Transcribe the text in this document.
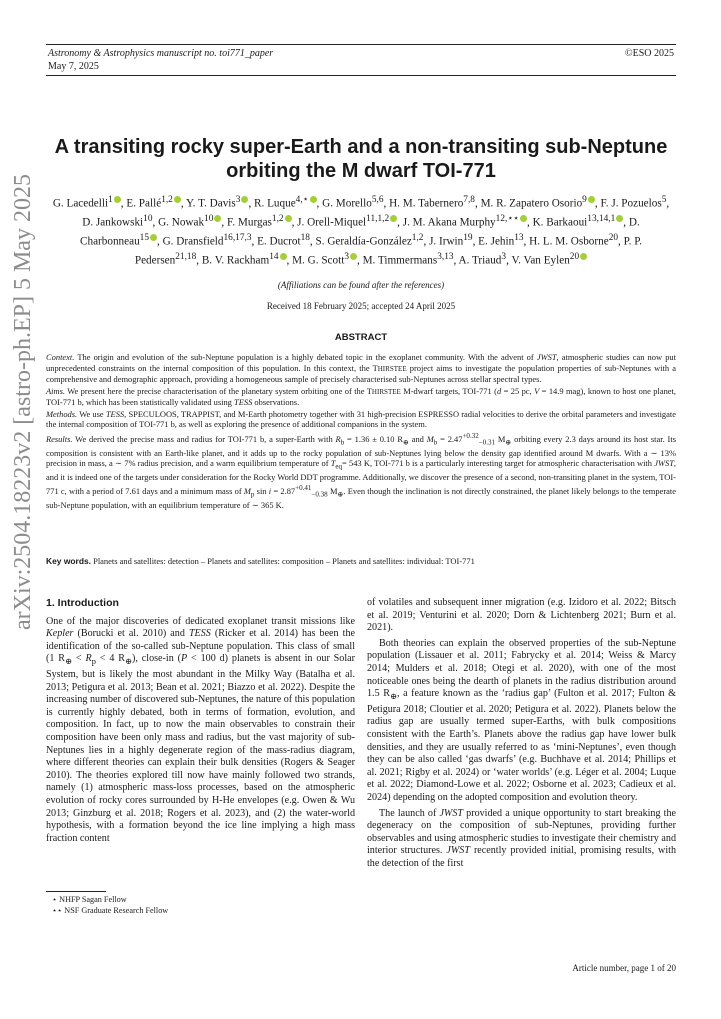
Astronomy & Astrophysics manuscript no. toi771_paper
May 7, 2025
©ESO 2025
arXiv:2504.18223v2 [astro-ph.EP] 5 May 2025
A transiting rocky super-Earth and a non-transiting sub-Neptune orbiting the M dwarf TOI-771
G. Lacedelli$^1$ , E. Pallé$^{1,2}$ , Y. T. Davis$^3$ , R. Luque$^{4,⋆}$ , G. Morello$^{5,6}$, H. M. Tabernero$^{7,8}$, M. R. Zapatero Osorio$^9$ , F. J. Pozuelos$^5$, D. Jankowski$^{10}$, G. Nowak$^{10}$ , F. Murgas$^{1,2}$ , J. Orell-Miquel$^{11,1,2}$ , J. M. Akana Murphy$^{12,⋆⋆}$ , K. Barkaoui$^{13,14,1}$ , D. Charbonneau$^{15}$ , G. Dransfield$^{16,17,3}$, E. Ducrot$^{18}$, S. Geraldía-González$^{1,2}$, J. Irwin$^{19}$, E. Jehin$^{13}$, H. L. M. Osborne$^{20}$, P. P. Pedersen$^{21,18}$, B. V. Rackham$^{14}$ , M. G. Scott$^3$ , M. Timmermans$^{3,13}$, A. Triaud$^3$, V. Van Eylen$^{20}$
(Affiliations can be found after the references)
Received 18 February 2025; accepted 24 April 2025
ABSTRACT

Context. The origin and evolution of the sub-Neptune population is a highly debated topic in the exoplanet community. With the advent of JWST, atmospheric studies can now put unprecedented constraints on the internal composition of this population. In this context, the THIRSTEE project aims to investigate the population properties of sub-Neptunes with a comprehensive and demographic approach, providing a homogeneous sample of precisely characterised sub-Neptunes across stellar spectral types.

Aims. We present here the precise characterisation of the planetary system orbiting one of the THIRSTEE M-dwarf targets, TOI-771 (d = 25 pc, V = 14.9 mag), known to host one planet, TOI-771 b, which has been statistically validated using TESS observations.

Methods. We use TESS, SPECULOOS, TRAPPIST, and M-Earth photometry together with 31 high-precision ESPRESSO radial velocities to derive the orbital parameters and investigate the internal composition of TOI-771 b, as well as exploring the presence of additional companions in the system.

Results. We derived the precise mass and radius for TOI-771 b, a super-Earth with $R_b = 1.36 \pm 0.10$ $R_\oplus$ and $M_b = 2.47^{+0.32}_{-0.31}$ $M_\oplus$ orbiting every 2.3 days around its host star. Its composition is consistent with an Earth-like planet, and it adds up to the rocky population of sub-Neptunes lying below the density gap identified around M dwarfs. With a ∼ 13% precision in mass, a ∼ 7% radius precision, and a warm equilibrium temperature of $T_{eq}= 543$ K, TOI-771 b is a particularly interesting target for atmospheric characterisation with JWST, and it is indeed one of the targets under consideration for the Rocky World DDT programme. Additionally, we discover the presence of a second, non-transiting planet in the system, TOI-771 c, with a period of 7.61 days and a minimum mass of $M_p$ $\sin i = 2.87^{+0.41}_{-0.38}$ $M_\oplus$. Even though the inclination is not directly constrained, the planet likely belongs to the temperate sub-Neptune population, with an equilibrium temperature of ∼ 365 K.

Key words. Planets and satellites: detection – Planets and satellites: composition – Planets and satellites: individual: TOI-771
1. Introduction

One of the major discoveries of dedicated exoplanet transit missions like Kepler (Borucki et al. 2010) and TESS (Ricker et al. 2014) has been the identification of the so-called sub-Neptune population. This class of small (1 $R_\oplus < R_p < 4$ $R_\oplus$), close-in (P < 100 d) planets is absent in our Solar System, but is likely the most abundant in the Milky Way (Batalha et al. 2013; Petigura et al. 2013; Bean et al. 2021; Biazzo et al. 2022). Despite the increasing number of discovered sub-Neptunes, the nature of this population is currently highly debated, both in terms of formation, evolution, and composition. In fact, up to now the main observables to constrain their composition have been only mass and radius, but the vast majority of sub-Neptunes lies in a highly degenerate region of the mass-radius diagram, where different theories can explain their bulk densities (Rogers & Seager 2010). The theories explored till now have mainly followed two strands, namely (1) atmospheric mass-loss processes, based on the atmospheric evolution of rocky cores surrounded by H-He envelopes (e.g. Owen & Wu 2013; Ginzburg et al. 2018; Rogers et al. 2023), and (2) the water-world hypothesis, with a formation beyond the ice line implying a high mass fraction content

⋆ NHFP Sagan Fellow
⋆⋆ NSF Graduate Research Fellow

of volatiles and subsequent inner migration (e.g. Izidoro et al. 2022; Bitsch et al. 2019; Venturini et al. 2020; Dorn & Lichtenberg 2021; Burn et al. 2021).

Both theories can explain the observed properties of the sub-Neptune population (Lissauer et al. 2011; Fabrycky et al. 2014; Weiss & Marcy 2014; Mulders et al. 2018; Otegi et al. 2020), with one of the most noticeable ones being the dearth of planets in the radius distribution around 1.5 $R_\oplus$, a feature known as the ‘radius gap’ (Fulton et al. 2017; Fulton & Petigura 2018; Cloutier et al. 2020; Petigura et al. 2022). Planets below the radius gap are usually termed super-Earths, with bulk compositions consistent with the Earth’s. Planets above the radius gap have lower bulk densities, and they are usually referred to as ‘mini-Neptunes’, even though they can be also called ‘gas dwarfs’ (e.g. Buchhave et al. 2014; Phillips et al. 2021; Rigby et al. 2024) or ‘water worlds’ (e.g. Léger et al. 2004; Luque et al. 2022; Diamond-Lowe et al. 2022; Osborne et al. 2023; Cadieux et al. 2024) depending on the adopted composition and evolution theory.

The launch of JWST provided a unique opportunity to start breaking the degeneracy on the composition of sub-Neptunes, providing further observables and using atmospheric studies to investigate their chemistry and interior structures. JWST recently provided initial, promising results, with the detection of the first

Article number, page 1 of 20
